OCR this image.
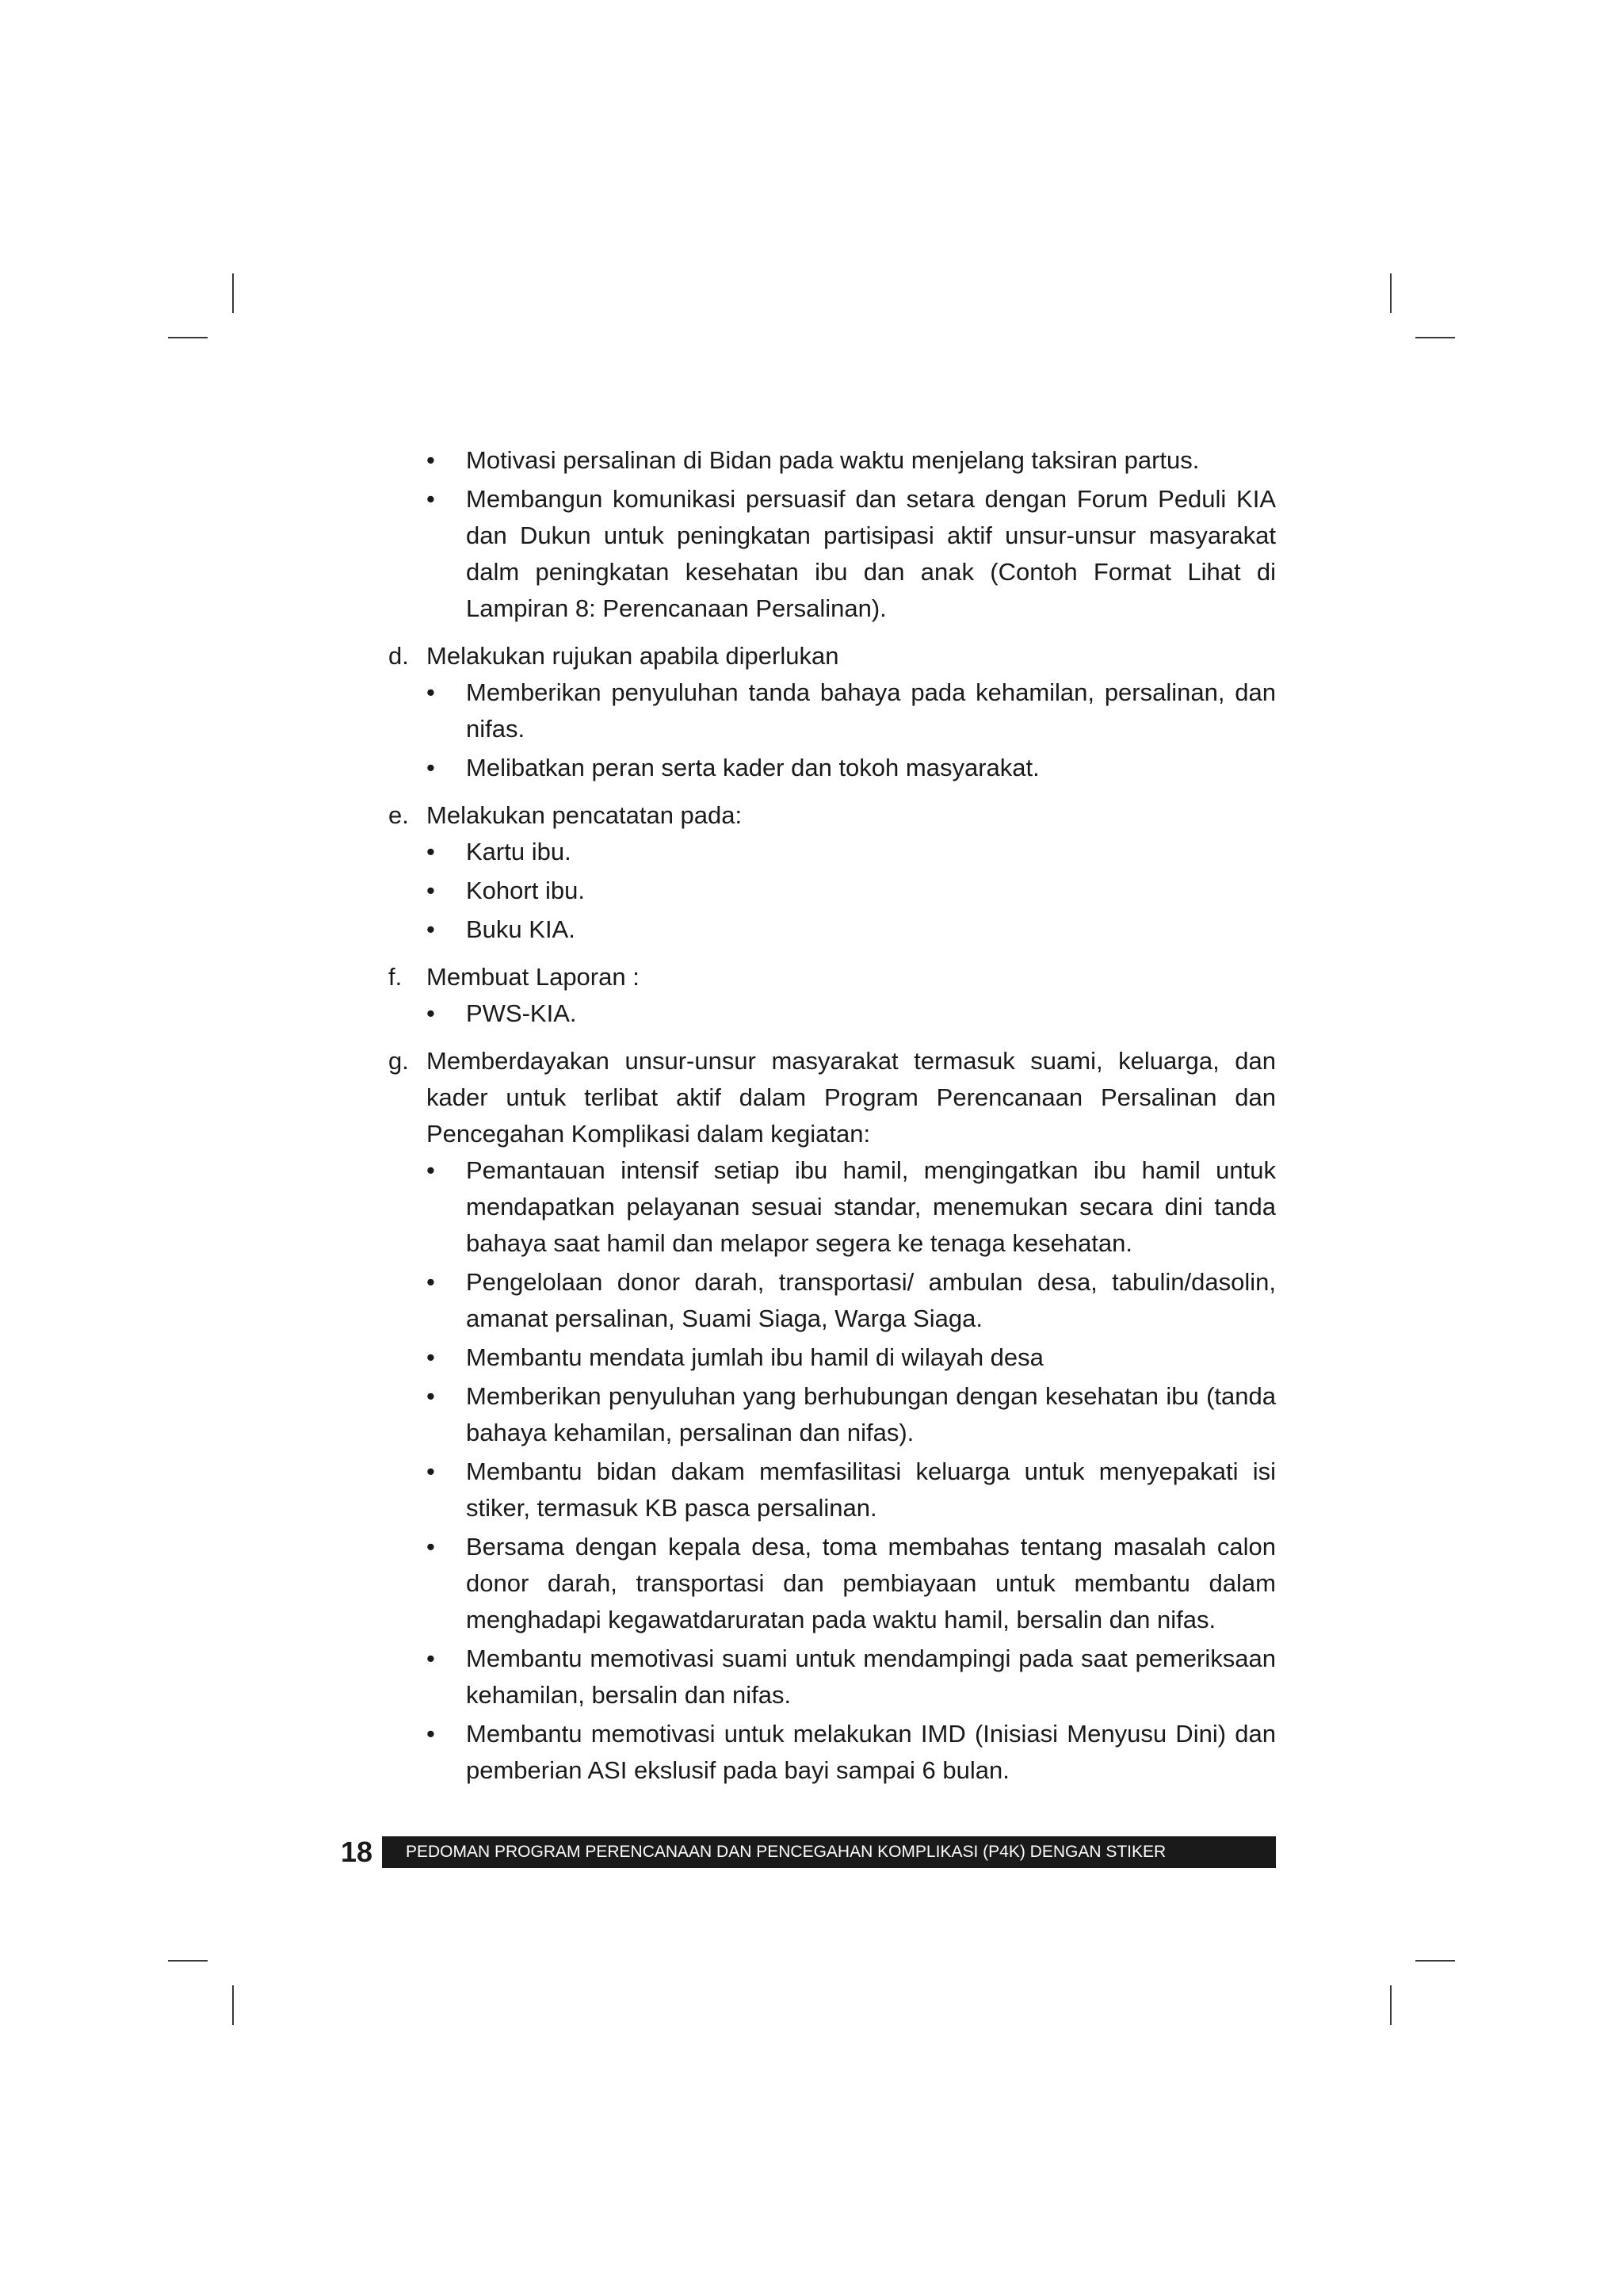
• Motivasi persalinan di Bidan pada waktu menjelang taksiran partus.
• Membangun komunikasi persuasif dan setara dengan Forum Peduli KIA dan Dukun untuk peningkatan partisipasi aktif unsur-unsur masyarakat dalm peningkatan kesehatan ibu dan anak (Contoh Format Lihat di Lampiran 8: Perencanaan Persalinan).
d. Melakukan rujukan apabila diperlukan
• Memberikan penyuluhan tanda bahaya pada kehamilan, persalinan, dan nifas.
• Melibatkan peran serta kader dan tokoh masyarakat.
e. Melakukan pencatatan pada:
• Kartu ibu.
• Kohort ibu.
• Buku KIA.
f. Membuat Laporan :
• PWS-KIA.
g. Memberdayakan unsur-unsur masyarakat termasuk suami, keluarga, dan kader untuk terlibat aktif dalam Program Perencanaan Persalinan dan Pencegahan Komplikasi dalam kegiatan:
• Pemantauan intensif setiap ibu hamil, mengingatkan ibu hamil untuk mendapatkan pelayanan sesuai standar, menemukan secara dini tanda bahaya saat hamil dan melapor segera ke tenaga kesehatan.
• Pengelolaan donor darah, transportasi/ ambulan desa, tabulin/dasolin, amanat persalinan, Suami Siaga, Warga Siaga.
• Membantu mendata jumlah ibu hamil di wilayah desa
• Memberikan penyuluhan yang berhubungan dengan kesehatan ibu (tanda bahaya kehamilan, persalinan dan nifas).
• Membantu bidan dakam memfasilitasi keluarga untuk menyepakati isi stiker, termasuk KB pasca persalinan.
• Bersama dengan kepala desa, toma membahas tentang masalah calon donor darah, transportasi dan pembiayaan untuk membantu dalam menghadapi kegawatdaruratan pada waktu hamil, bersalin dan nifas.
• Membantu memotivasi suami untuk mendampingi pada saat pemeriksaan kehamilan, bersalin dan nifas.
• Membantu memotivasi untuk melakukan IMD (Inisiasi Menyusu Dini) dan pemberian ASI ekslusif pada bayi sampai 6 bulan.
18	PEDOMAN PROGRAM PERENCANAAN DAN PENCEGAHAN KOMPLIKASI (P4K) DENGAN STIKER
